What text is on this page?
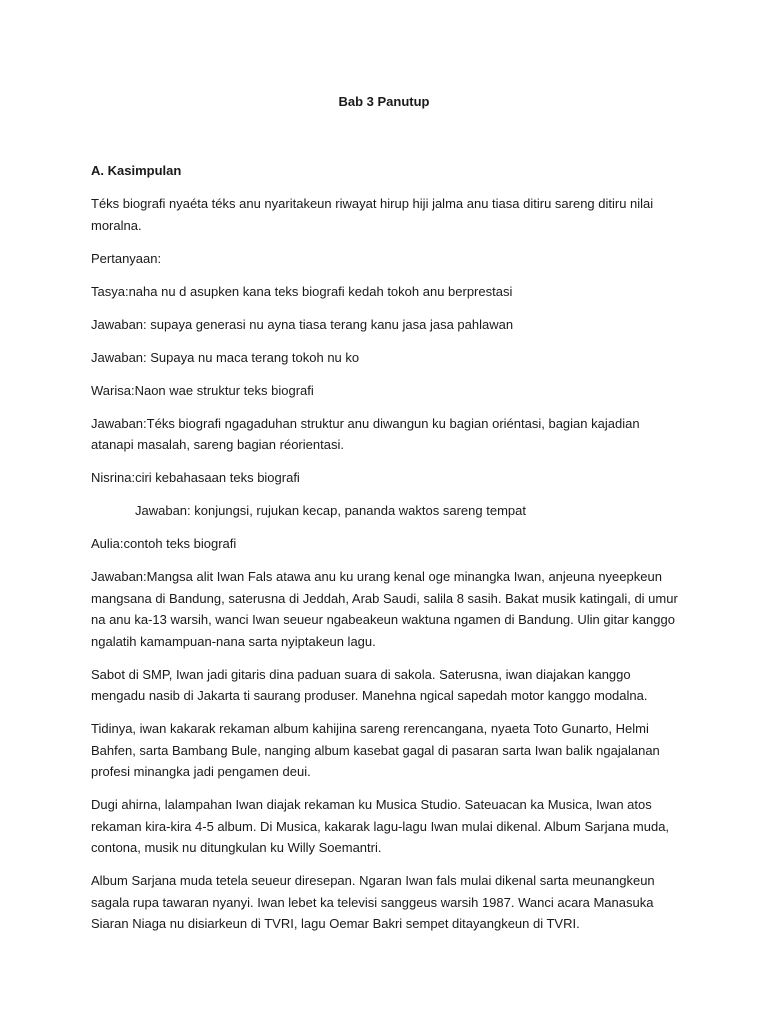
Bab 3 Panutup

A. Kasimpulan

Téks biografi nyaéta téks anu nyaritakeun riwayat hirup hiji jalma anu tiasa ditiru sareng ditiru nilai moralna.

Pertanyaan:

Tasya:naha nu d asupken kana teks biografi kedah tokoh anu berprestasi

Jawaban: supaya generasi nu ayna tiasa terang kanu jasa jasa pahlawan

Jawaban: Supaya nu maca terang tokoh nu ko

Warisa:Naon wae struktur teks biografi

Jawaban:Téks biografi ngagaduhan struktur anu diwangun ku bagian oriéntasi, bagian kajadian atanapi masalah, sareng bagian réorientasi.

Nisrina:ciri kebahasaan teks biografi

Jawaban: konjungsi, rujukan kecap, pananda waktos sareng tempat

Aulia:contoh teks biografi

Jawaban:Mangsa alit Iwan Fals atawa anu ku urang kenal oge minangka Iwan, anjeuna nyeepkeun mangsana di Bandung, saterusna di Jeddah, Arab Saudi, salila 8 sasih. Bakat musik katingali, di umur na anu ka-13 warsih, wanci Iwan seueur ngabeakeun waktuna ngamen di Bandung. Ulin gitar kanggo ngalatih kamampuan-nana sarta nyiptakeun lagu.

Sabot di SMP, Iwan jadi gitaris dina paduan suara di sakola. Saterusna, iwan diajakan kanggo mengadu nasib di Jakarta ti saurang produser. Manehna ngical sapedah motor kanggo modalna.

Tidinya, iwan kakarak rekaman album kahijina sareng rerencangana, nyaeta Toto Gunarto, Helmi Bahfen, sarta Bambang Bule, nanging album kasebat gagal di pasaran sarta Iwan balik ngajalanan profesi minangka jadi pengamen deui.

Dugi ahirna, lalampahan Iwan diajak rekaman ku Musica Studio. Sateuacan ka Musica, Iwan atos rekaman kira-kira 4-5 album. Di Musica, kakarak lagu-lagu Iwan mulai dikenal. Album Sarjana muda, contona, musik nu ditungkulan ku Willy Soemantri.

Album Sarjana muda tetela seueur diresepan. Ngaran Iwan fals mulai dikenal sarta meunangkeun sagala rupa tawaran nyanyi. Iwan lebet ka televisi sanggeus warsih 1987. Wanci acara Manasuka Siaran Niaga nu disiarkeun di TVRI, lagu Oemar Bakri sempet ditayangkeun di TVRI.
